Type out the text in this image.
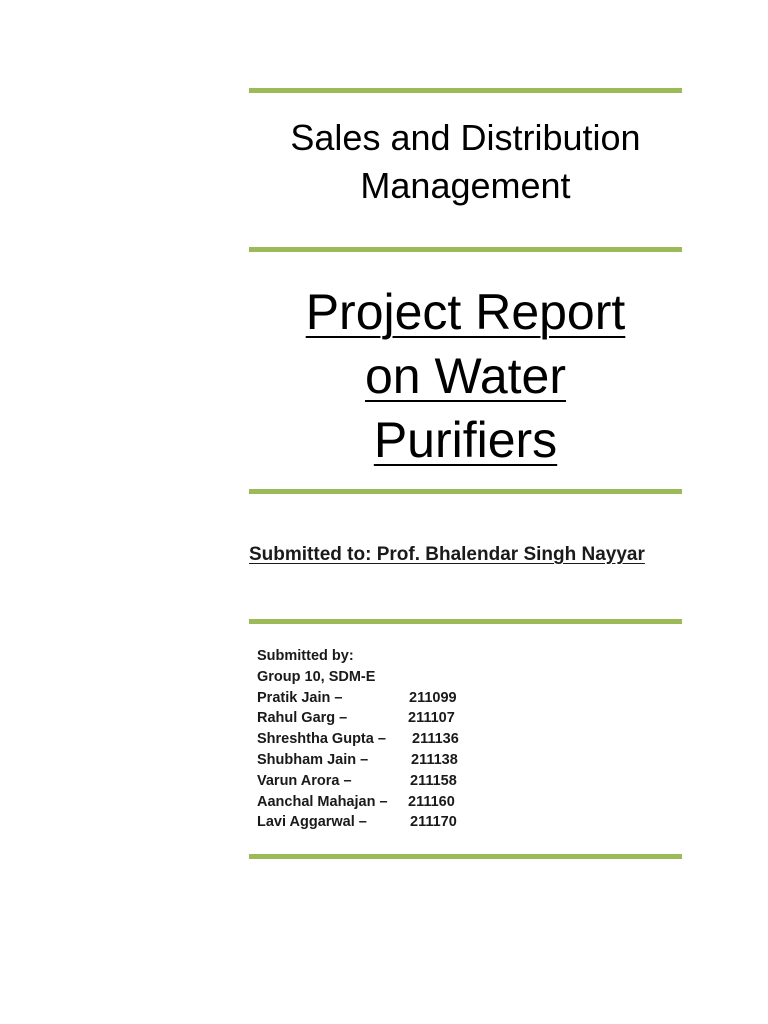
Sales and Distribution
Management
Project Report
on Water
Purifiers
Submitted to: Prof. Bhalendar Singh Nayyar
Submitted by:
Group 10, SDM-E
Pratik Jain –	211099
Rahul Garg –	211107
Shreshtha Gupta – 211136
Shubham Jain –	211138
Varun Arora –	211158
Aanchal Mahajan – 211160
Lavi Aggarwal –	211170
